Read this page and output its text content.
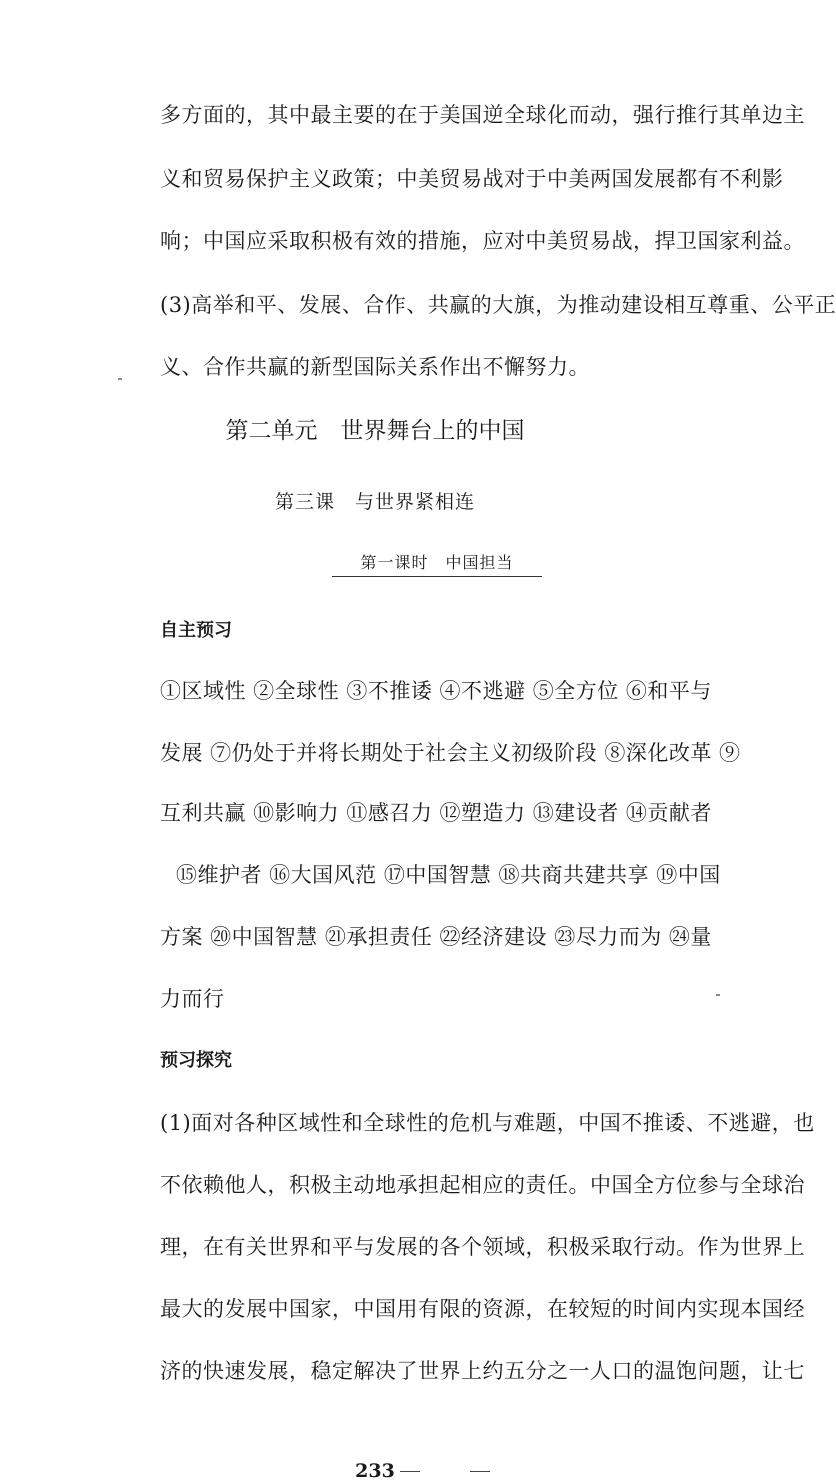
多方面的，其中最主要的在于美国逆全球化而动，强行推行其单边主
义和贸易保护主义政策；中美贸易战对于中美两国发展都有不利影
响；中国应采取积极有效的措施，应对中美贸易战，捍卫国家利益。
(3)高举和平、发展、合作、共赢的大旗，为推动建设相互尊重、公平正
义、合作共赢的新型国际关系作出不懈努力。
第二单元　世界舞台上的中国
第三课　与世界紧相连
第一课时　中国担当
自主预习
①区域性 ②全球性 ③不推诿 ④不逃避 ⑤全方位 ⑥和平与
发展 ⑦仍处于并将长期处于社会主义初级阶段 ⑧深化改革 ⑨
互利共赢 ⑩影响力 ⑪感召力 ⑫塑造力 ⑬建设者 ⑭贡献者
⑮维护者 ⑯大国风范 ⑰中国智慧 ⑱共商共建共享 ⑲中国
方案 ⑳中国智慧 ㉑承担责任 ㉒经济建设 ㉓尽力而为 ㉔量
力而行
预习探究
(1)面对各种区域性和全球性的危机与难题，中国不推诿、不逃避，也
不依赖他人，积极主动地承担起相应的责任。中国全方位参与全球治
理，在有关世界和平与发展的各个领域，积极采取行动。作为世界上
最大的发展中国家，中国用有限的资源，在较短的时间内实现本国经
济的快速发展，稳定解决了世界上约五分之一人口的温饱问题，让七
233
